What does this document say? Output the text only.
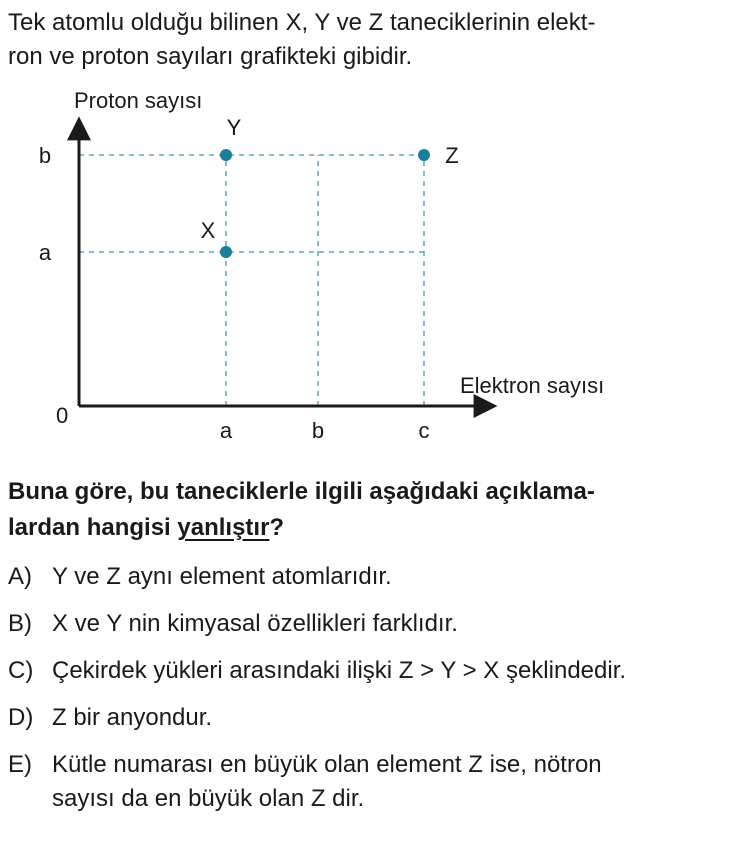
Tek atomlu olduğu bilinen X, Y ve Z taneciklerinin elekt-
ron ve proton sayıları grafikteki gibidir.
Proton sayısı
Elektron sayısı
0
a	b	c
a
b
X
Y
Z
Buna göre, bu taneciklerle ilgili aşağıdaki açıklama-
lardan hangisi yanlıştır?
A) Y ve Z aynı element atomlarıdır.
B) X ve Y nin kimyasal özellikleri farklıdır.
C) Çekirdek yükleri arasındaki ilişki Z > Y > X şeklindedir.
D) Z bir anyondur.
E) Kütle numarası en büyük olan element Z ise, nötron
sayısı da en büyük olan Z dir.
